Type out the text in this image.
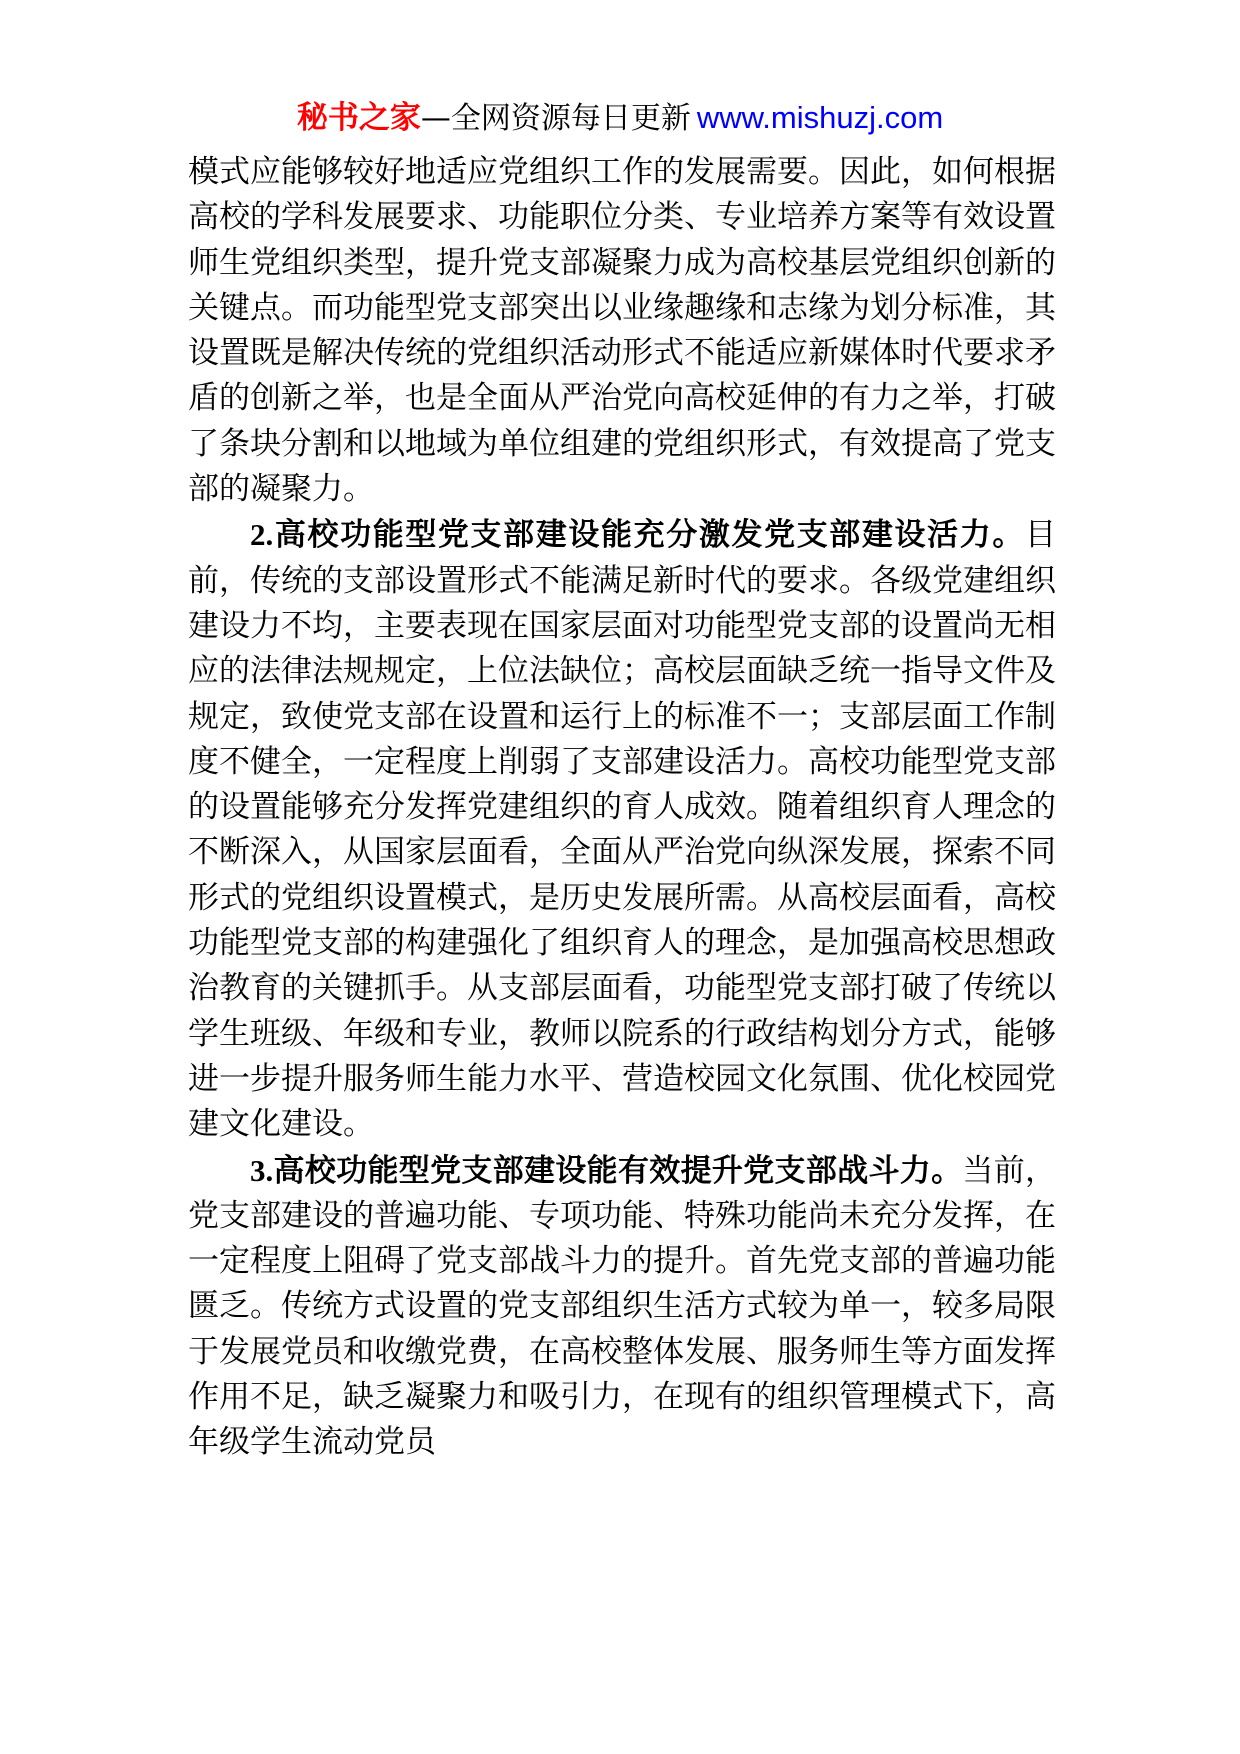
秘书之家—全网资源每日更新 www.mishuzj.com

模式应能够较好地适应党组织工作的发展需要。因此，如何根据高校的学科发展要求、功能职位分类、专业培养方案等有效设置师生党组织类型，提升党支部凝聚力成为高校基层党组织创新的关键点。而功能型党支部突出以业缘趣缘和志缘为划分标准，其设置既是解决传统的党组织活动形式不能适应新媒体时代要求矛盾的创新之举，也是全面从严治党向高校延伸的有力之举，打破了条块分割和以地域为单位组建的党组织形式，有效提高了党支部的凝聚力。

2.高校功能型党支部建设能充分激发党支部建设活力。目前，传统的支部设置形式不能满足新时代的要求。各级党建组织建设力不均，主要表现在国家层面对功能型党支部的设置尚无相应的法律法规规定，上位法缺位；高校层面缺乏统一指导文件及规定，致使党支部在设置和运行上的标准不一；支部层面工作制度不健全，一定程度上削弱了支部建设活力。高校功能型党支部的设置能够充分发挥党建组织的育人成效。随着组织育人理念的不断深入，从国家层面看，全面从严治党向纵深发展，探索不同形式的党组织设置模式，是历史发展所需。从高校层面看，高校功能型党支部的构建强化了组织育人的理念，是加强高校思想政治教育的关键抓手。从支部层面看，功能型党支部打破了传统以学生班级、年级和专业，教师以院系的行政结构划分方式，能够进一步提升服务师生能力水平、营造校园文化氛围、优化校园党建文化建设。

3.高校功能型党支部建设能有效提升党支部战斗力。当前，党支部建设的普遍功能、专项功能、特殊功能尚未充分发挥，在一定程度上阻碍了党支部战斗力的提升。首先党支部的普遍功能匮乏。传统方式设置的党支部组织生活方式较为单一，较多局限于发展党员和收缴党费，在高校整体发展、服务师生等方面发挥作用不足，缺乏凝聚力和吸引力，在现有的组织管理模式下，高年级学生流动党员
